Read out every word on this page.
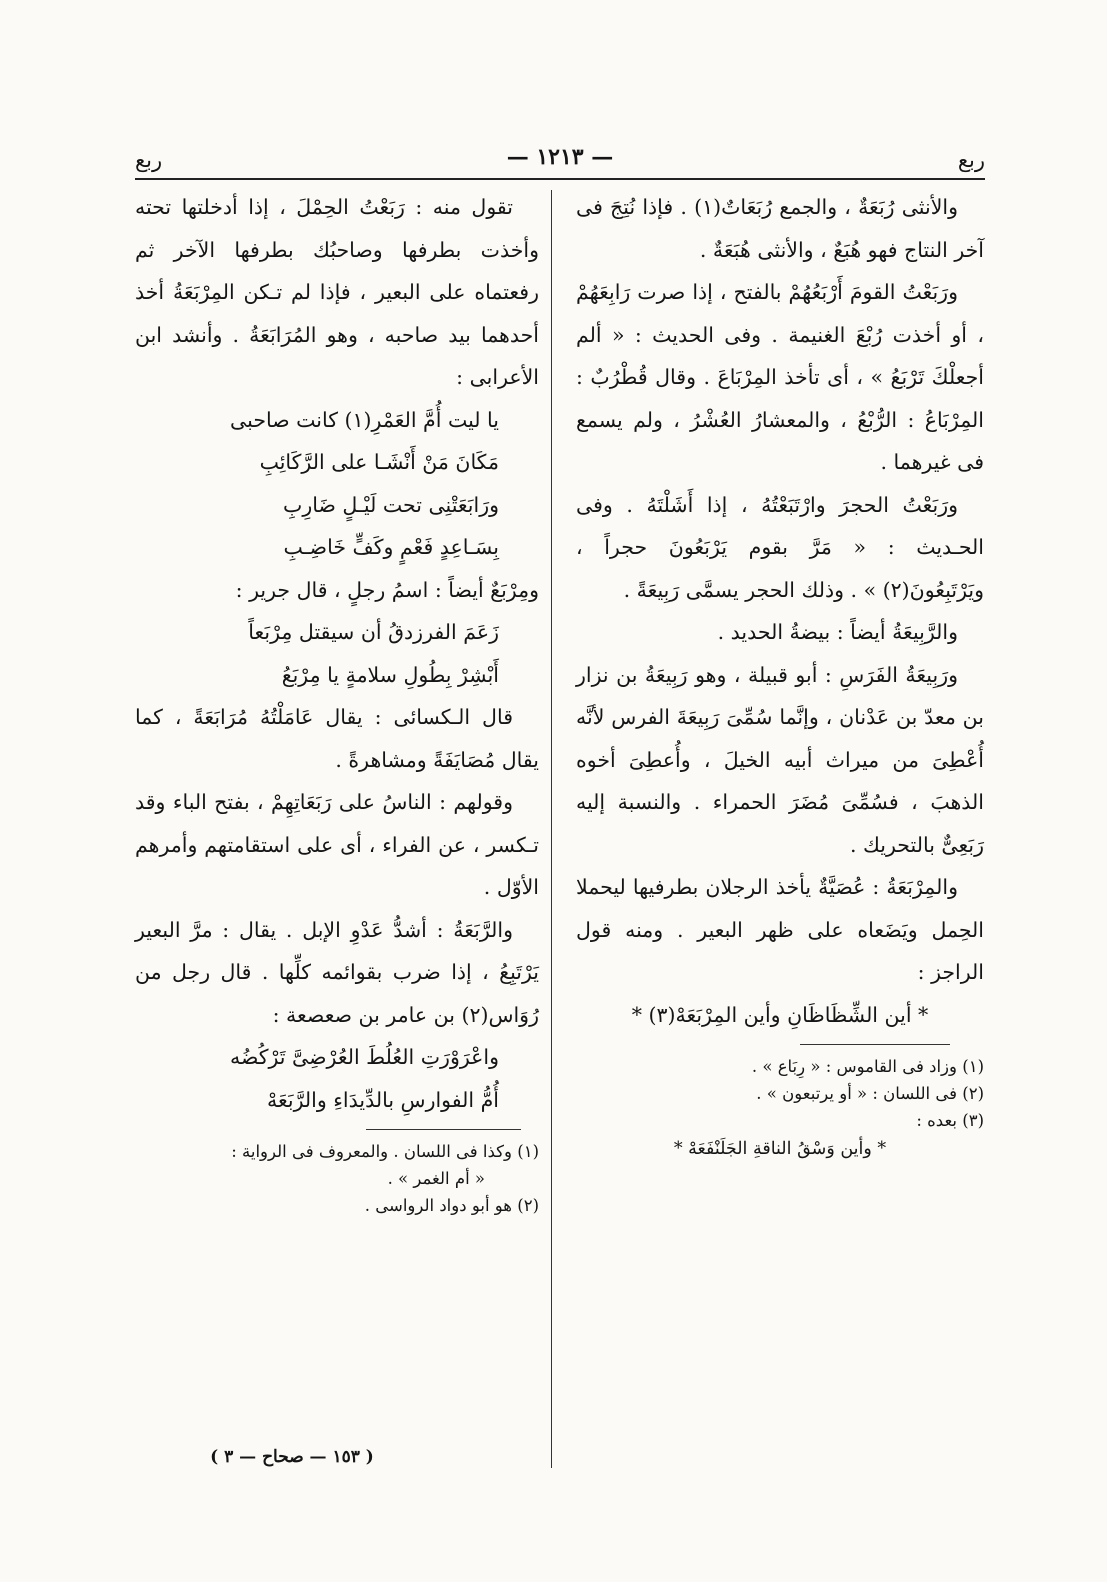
ربع
— ١٢١٣ —
ربع

والأنثى رُبَعَةٌ ، والجمع رُبَعَاتٌ(١) . فإذا نُتِجَ فى آخر النتاج فهو هُبَعٌ ، والأنثى هُبَعَةٌ .

ورَبَعْتُ القومَ أَرْبَعُهُمْ بالفتح ، إذا صرت رَابِعَهُمْ ، أو أخذت رُبْعَ الغنيمة . وفى الحديث : « ألم أجعلْكَ تَرْبَعُ » ، أى تأخذ المِرْبَاعَ . وقال قُطْرُبٌ : المِرْبَاعُ : الرُّبْعُ ، والمعشارُ العُشْرُ ، ولم يسمع فى غيرهما .

ورَبَعْتُ الحجرَ وارْتَبَعْتُهُ ، إذا أَشَلْتَهُ . وفى الحـديث : « مَرَّ بقوم يَرْبَعُونَ حجراً ، ويَرْتَبِعُونَ(٢) » . وذلك الحجر يسمَّى رَبِيعَةً .

والرَّبِيعَةُ أيضاً : بيضةُ الحديد .

ورَبِيعَةُ الفَرَسِ : أبو قبيلة ، وهو رَبِيعَةُ بن نزار بن معدّ بن عَدْنان ، وإنَّما سُمِّىَ رَبِيعَةَ الفرس لأنَّه أُعْطِىَ من ميراث أبيه الخيلَ ، وأُعطِىَ أخوه الذهبَ ، فسُمِّىَ مُضَرَ الحمراء . والنسبة إليه رَبَعِىٌّ بالتحريك .

والمِرْبَعَةُ : عُصَيَّةٌ يأخذ الرجلان بطرفيها ليحملا الحِمل ويَضَعاه على ظهر البعير . ومنه قول الراجز :

* أين الشِّظَاظَانِ وأين المِرْبَعَهْ(٣) *

(١) وزاد فى القاموس : « رِبَاع » .

(٢) فى اللسان : « أو يرتبعون » .

(٣) بعده :

* وأين وَسْقُ الناقةِ الجَلَنْفَعَهْ *

تقول منه : رَبَعْتُ الحِمْلَ ، إذا أدخلتها تحته وأخذت بطرفها وصاحبُك بطرفها الآخر ثم رفعتماه على البعير ، فإذا لم تـكن المِرْبَعَةُ أخذ أحدهما بيد صاحبه ، وهو المُرَابَعَةُ . وأنشد ابن الأعرابى :

يا ليت أُمَّ العَمْرِ(١) كانت صاحبى

مَكَانَ مَنْ أَنْشَـا على الرَّكَائِبِ

ورَابَعَتْنِى تحت لَيْـلٍ ضَارِبِ

بِسَـاعِدٍ فَعْمٍ وكَفٍّ خَاضِـبِ

ومِرْبَعٌ أيضاً : اسمُ رجلٍ ، قال جرير :

زَعَمَ الفرزدقُ أن سيقتل مِرْبَعاً

أَبْشِرْ بِطُولِ سلامةٍ يا مِرْبَعُ

قال الـكسائى : يقال عَامَلْتُهُ مُرَابَعَةً ، كما يقال مُصَايَفَةً ومشاهرةً .

وقولهم : الناسُ على رَبَعَاتِهِمْ ، بفتح الباء وقد تـكسر ، عن الفراء ، أى على استقامتهم وأمرهم الأوّل .

والرَّبَعَةُ : أشدُّ عَدْوِ الإبل . يقال : مرَّ البعير يَرْتَبِعُ ، إذا ضرب بقوائمه كلِّها . قال رجل من رُوَاس(٢) بن عامر بن صعصعة :

واعْرَوْرَتِ العُلُطَ العُرْضِىَّ تَرْكُضُه

أُمُّ الفوارسِ بالدِّيدَاءِ والرَّبَعَهْ

(١) وكذا فى اللسان . والمعروف فى الرواية :

« أم الغمر » .

(٢) هو أبو دواد الرواسى .

( ١٥٣ — صحاح — ٣ )
